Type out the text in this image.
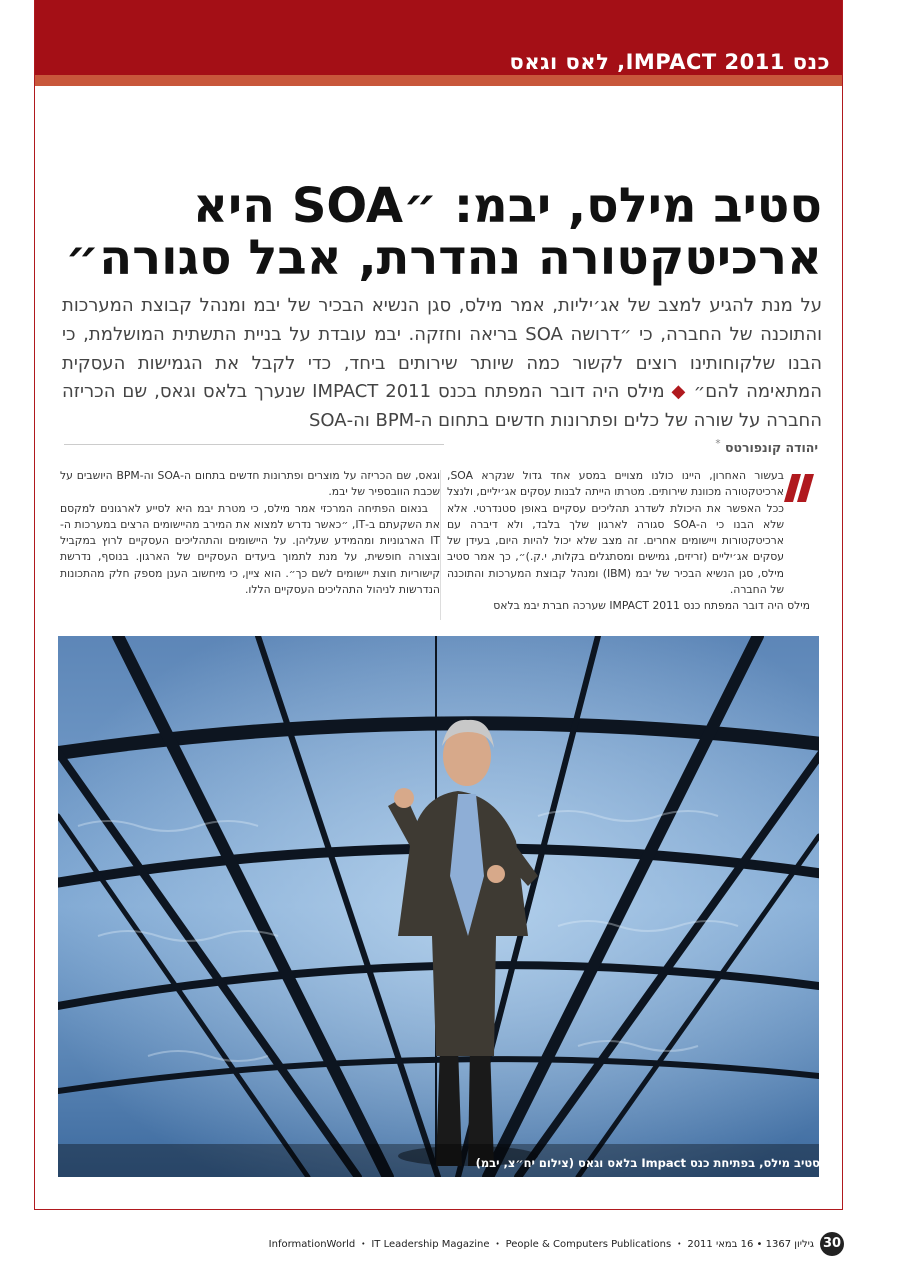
כנס IMPACT 2011, לאס וגאס
סטיב מילס, יבמ: ״SOA היא ארכיטקטורה נהדרת, אבל סגורה״
על מנת להגיע למצב של אג׳יליות, אמר מילס, סגן הנשיא הבכיר של יבמ ומנהל קבוצת המערכות והתוכנה של החברה, כי ״דרושה SOA בריאה וחזקה. יבמ עובדת על בניית התשתית המושלמת, כי הבנו שלקוחותינו רוצים לקשור כמה שיותר שירותים ביחד, כדי לקבל את הגמישות העסקית המתאימה להם״ ◆ מילס היה דובר המפתח בכנס IMPACT 2011 שנערך בלאס וגאס, שם הכריזה החברה על שורה של כלים ופתרונות חדשים בתחום ה-BPM וה-SOA
יהודה קונפורטס *

בעשור האחרון, היינו כולנו מצויים במסע אחד גדול שנקרא SOA, ארכיטקטורה מכוונת שירותים. מטרתו הייתה לבנות עסקים אג׳יליים, ולנצל ככל האפשר את היכולת לשדרג תהליכים עסקיים באופן סטנדרטי. אלא שלא הבנו כי ה-SOA סגורה לארגון שלך בלבד, ולא דיברה עם ארכיטקטורות ויישומים אחרים. זה מצב שלא יכול להיות היום, בעידן של עסקים אג׳יליים (זריזים, גמישים ומסתגלים בקלות, י.ק.)״, כך אמר סטיב מילס, סגן הנשיא הבכיר של יבמ (IBM) ומנהל קבוצת המערכות והתוכנה של החברה.

מילס היה דובר המפתח כנס IMPACT 2011 שערכה חברת יבמ בלאס

וגאס, שם הכריזה על מוצרים ופתרונות חדשים בתחום ה-SOA וה-BPM היושבים על שכבת הוובספיר של יבמ.

בנאום הפתיחה המרכזי אמר מילס, כי מטרת יבמ היא לסייע לארגונים למקסם את השקעתם ב-IT, ״כאשר נדרש למצוא את המירב מהיישומים הרצים במערכות ה-IT הארגוניות ומהמידע שעליהן. על היישומים והתהליכים העסקיים לרוץ במקביל ובצורה חופשית, על מנת לתמוך ביעדים העסקיים של הארגון. בנוסף, נדרשת קישוריות חוצת יישומים לשם כך״. הוא ציין, כי מיחשוב הענן מספק חלק מהתכונות הנדרשות לניהול התהליכים העסקיים הללו.

סטיב מילס, בפתיחת כנס Impact בלאס וגאס (צילום יח״צ, יבמ)
30
גיליון 1367 • 16 במאי 2011
•
People & Computers Publications
•
IT Leadership Magazine
•
InformationWorld
